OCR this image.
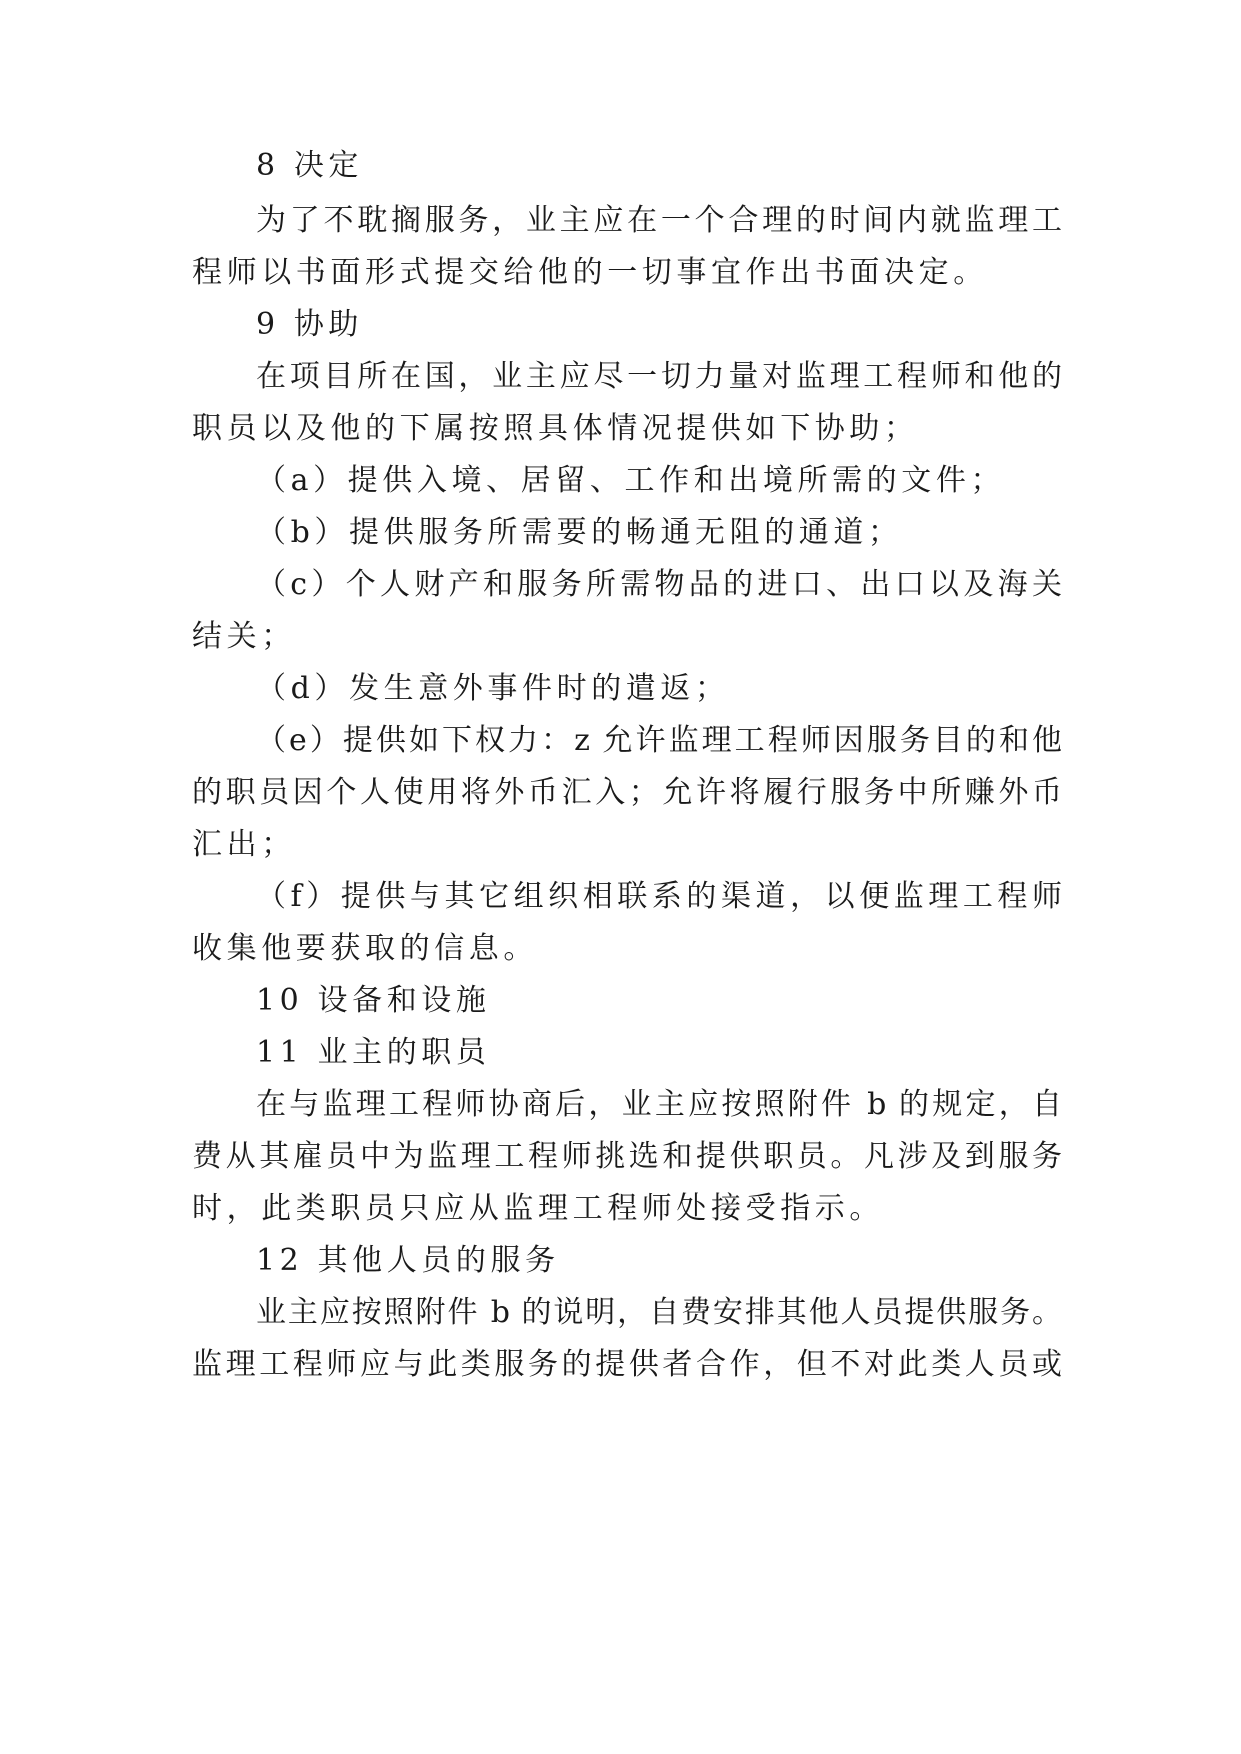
8 决定
为了不耽搁服务，业主应在一个合理的时间内就监理工
程师以书面形式提交给他的一切事宜作出书面决定。
9 协助
在项目所在国，业主应尽一切力量对监理工程师和他的
职员以及他的下属按照具体情况提供如下协助；
（a）提供入境、居留、工作和出境所需的文件；
（b）提供服务所需要的畅通无阻的通道；
（c）个人财产和服务所需物品的进口、出口以及海关
结关；
（d）发生意外事件时的遣返；
（e）提供如下权力：z 允许监理工程师因服务目的和他
的职员因个人使用将外币汇入；允许将履行服务中所赚外币
汇出；
（f）提供与其它组织相联系的渠道，以便监理工程师
收集他要获取的信息。
10 设备和设施
11 业主的职员
在与监理工程师协商后，业主应按照附件 b 的规定，自
费从其雇员中为监理工程师挑选和提供职员。凡涉及到服务
时，此类职员只应从监理工程师处接受指示。
12 其他人员的服务
业主应按照附件 b 的说明，自费安排其他人员提供服务。
监理工程师应与此类服务的提供者合作，但不对此类人员或
